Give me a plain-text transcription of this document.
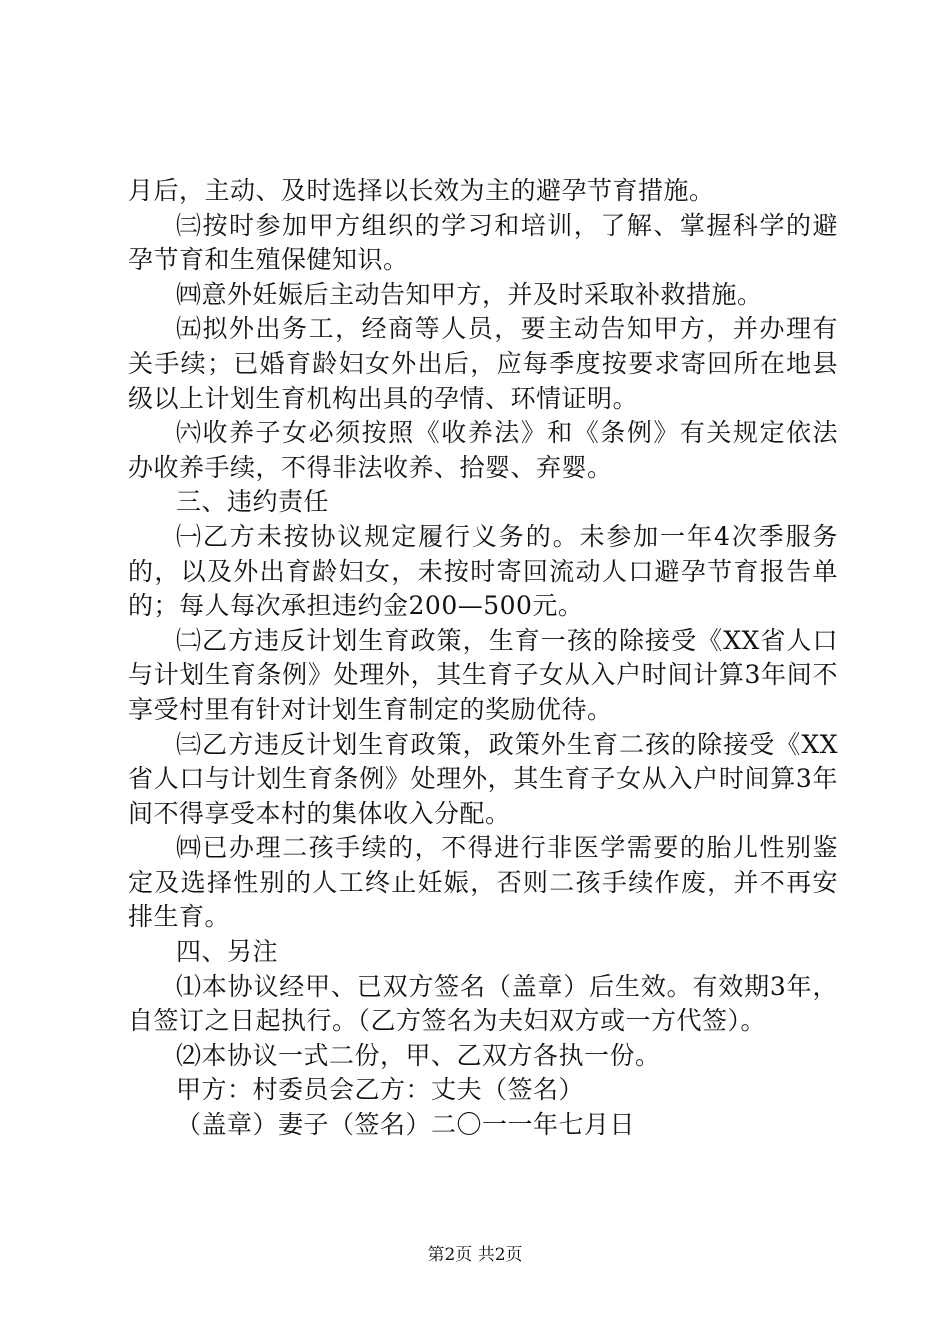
月后，主动、及时选择以长效为主的避孕节育措施。

㈢按时参加甲方组织的学习和培训，了解、掌握科学的避孕节育和生殖保健知识。

㈣意外妊娠后主动告知甲方，并及时采取补救措施。

㈤拟外出务工，经商等人员，要主动告知甲方，并办理有关手续；已婚育龄妇女外出后，应每季度按要求寄回所在地县级以上计划生育机构出具的孕情、环情证明。

㈥收养子女必须按照《收养法》和《条例》有关规定依法办收养手续，不得非法收养、拾婴、弃婴。

三、违约责任

㈠乙方未按协议规定履行义务的。未参加一年4次季服务的，以及外出育龄妇女，未按时寄回流动人口避孕节育报告单的；每人每次承担违约金200—500元。

㈡乙方违反计划生育政策，生育一孩的除接受《XX省人口与计划生育条例》处理外，其生育子女从入户时间计算3年间不享受村里有针对计划生育制定的奖励优待。

㈢乙方违反计划生育政策，政策外生育二孩的除接受《XX省人口与计划生育条例》处理外，其生育子女从入户时间算3年间不得享受本村的集体收入分配。

㈣已办理二孩手续的，不得进行非医学需要的胎儿性别鉴定及选择性别的人工终止妊娠，否则二孩手续作废，并不再安排生育。

四、另注

⑴本协议经甲、已双方签名（盖章）后生效。有效期3年，自签订之日起执行。（乙方签名为夫妇双方或一方代签）。

⑵本协议一式二份，甲、乙双方各执一份。

甲方：村委员会乙方：丈夫（签名）

（盖章）妻子（签名）二〇一一年七月日

第2页 共2页
